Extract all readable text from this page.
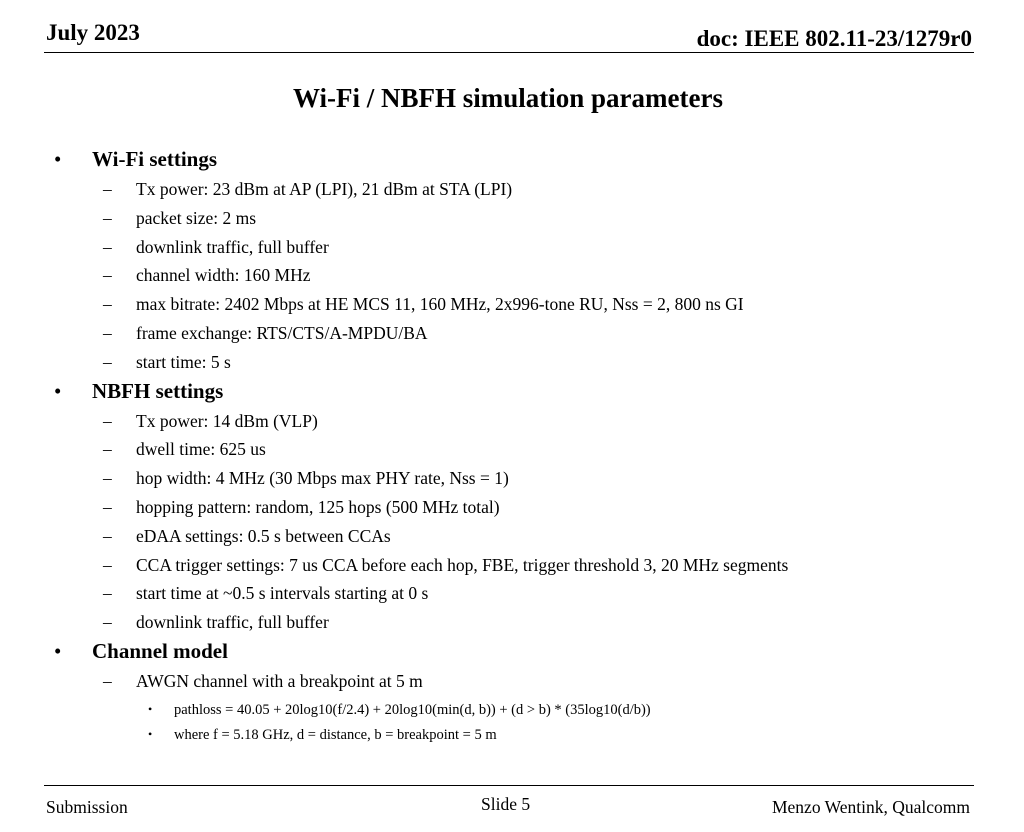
July 2023	doc: IEEE 802.11-23/1279r0
Wi-Fi / NBFH simulation parameters
• Wi-Fi settings
– Tx power: 23 dBm at AP (LPI), 21 dBm at STA (LPI)
– packet size: 2 ms
– downlink traffic, full buffer
– channel width: 160 MHz
– max bitrate: 2402 Mbps at HE MCS 11, 160 MHz, 2x996-tone RU, Nss = 2, 800 ns GI
– frame exchange: RTS/CTS/A-MPDU/BA
– start time: 5 s
• NBFH settings
– Tx power: 14 dBm (VLP)
– dwell time: 625 us
– hop width: 4 MHz (30 Mbps max PHY rate, Nss = 1)
– hopping pattern: random, 125 hops (500 MHz total)
– eDAA settings: 0.5 s between CCAs
– CCA trigger settings: 7 us CCA before each hop, FBE, trigger threshold 3, 20 MHz segments
– start time at ~0.5 s intervals starting at 0 s
– downlink traffic, full buffer
• Channel model
– AWGN channel with a breakpoint at 5 m
• pathloss = 40.05 + 20log10(f/2.4) + 20log10(min(d, b)) + (d > b) * (35log10(d/b))
• where f = 5.18 GHz, d = distance, b = breakpoint = 5 m
Submission	Slide 5	Menzo Wentink, Qualcomm
